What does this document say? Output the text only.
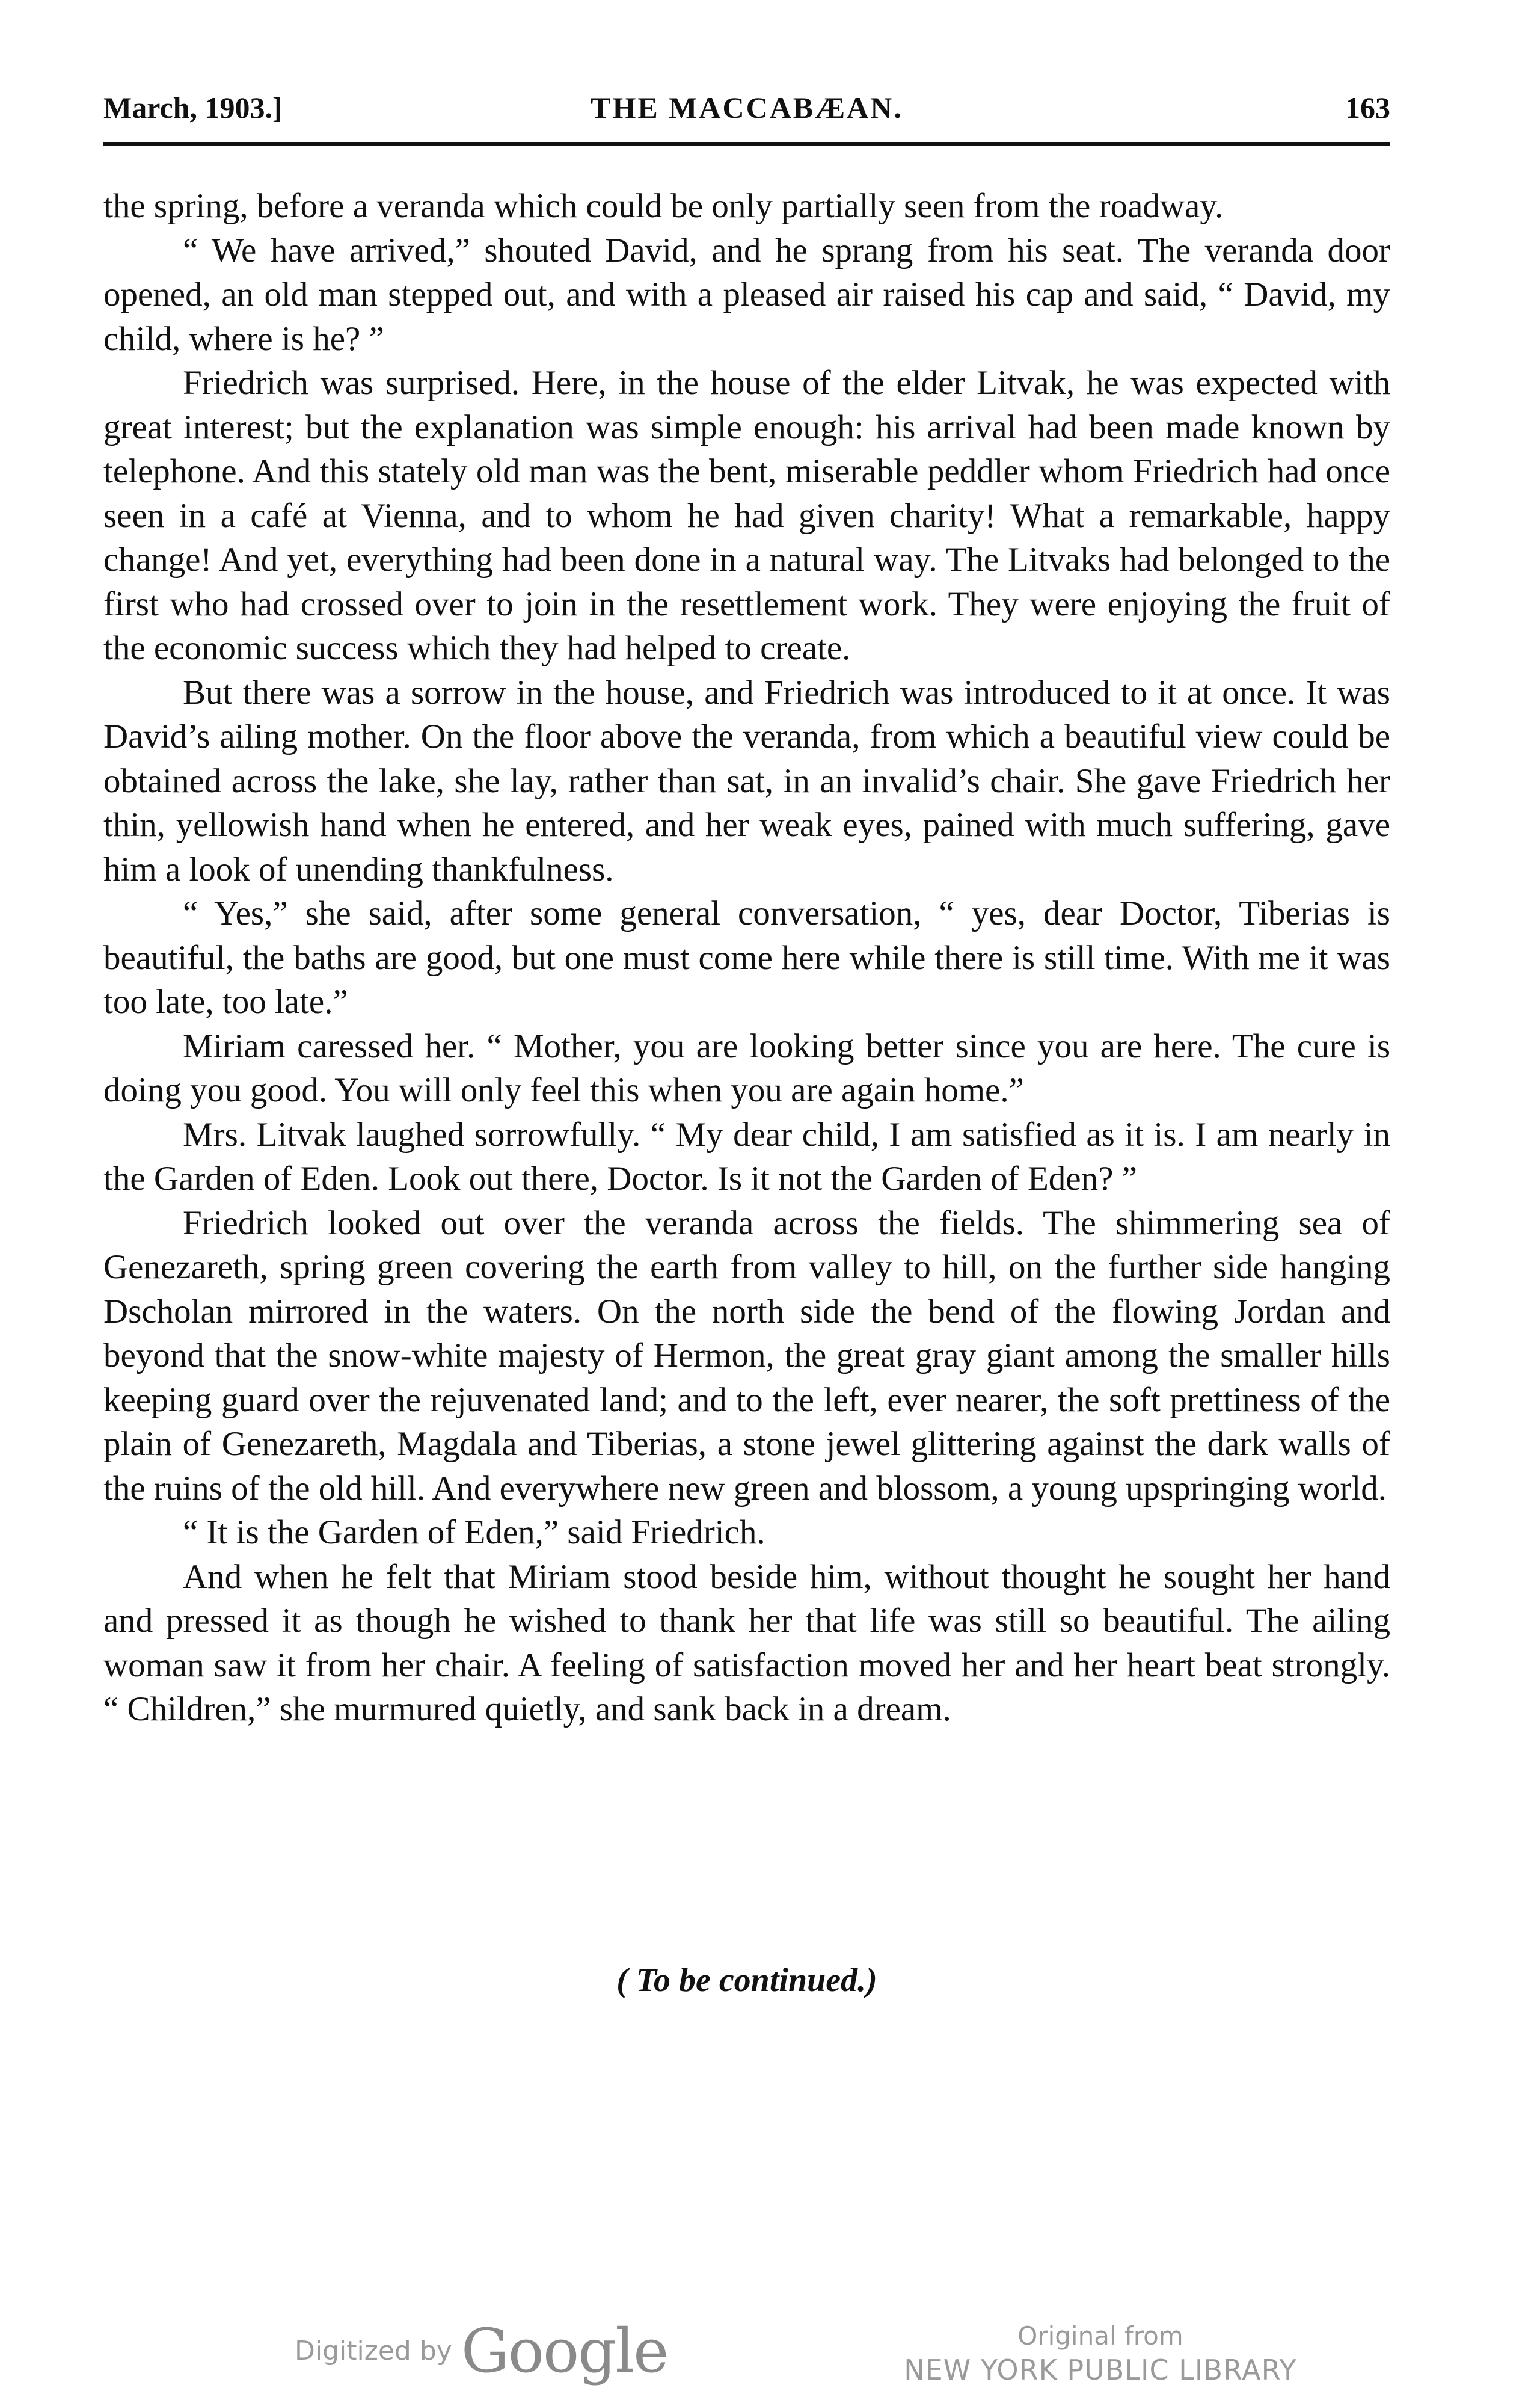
March, 1903.]	THE MACCABÆAN.	163

the spring, before a veranda which could be only partially seen from the roadway.

“ We have arrived,” shouted David, and he sprang from his seat. The veranda door opened, an old man stepped out, and with a pleased air raised his cap and said, “ David, my child, where is he? ”

Friedrich was surprised. Here, in the house of the elder Litvak, he was expected with great interest; but the explanation was simple enough: his arrival had been made known by telephone. And this stately old man was the bent, miserable peddler whom Friedrich had once seen in a café at Vienna, and to whom he had given charity! What a remarkable, happy change! And yet, everything had been done in a natural way. The Litvaks had belonged to the first who had crossed over to join in the resettlement work. They were enjoying the fruit of the economic success which they had helped to create.

But there was a sorrow in the house, and Friedrich was introduced to it at once. It was David’s ailing mother. On the floor above the veranda, from which a beautiful view could be obtained across the lake, she lay, rather than sat, in an invalid’s chair. She gave Friedrich her thin, yellowish hand when he entered, and her weak eyes, pained with much suffering, gave him a look of unending thankfulness.

“ Yes,” she said, after some general conversation, “ yes, dear Doctor, Tiberias is beautiful, the baths are good, but one must come here while there is still time. With me it was too late, too late.”

Miriam caressed her. “ Mother, you are looking better since you are here. The cure is doing you good. You will only feel this when you are again home.”

Mrs. Litvak laughed sorrowfully. “ My dear child, I am satisfied as it is. I am nearly in the Garden of Eden. Look out there, Doctor. Is it not the Garden of Eden? ”

Friedrich looked out over the veranda across the fields. The shimmering sea of Genezareth, spring green covering the earth from valley to hill, on the further side hanging Dscholan mirrored in the waters. On the north side the bend of the flowing Jordan and beyond that the snow-white majesty of Hermon, the great gray giant among the smaller hills keeping guard over the rejuvenated land; and to the left, ever nearer, the soft prettiness of the plain of Genezareth, Magdala and Tiberias, a stone jewel glittering against the dark walls of the ruins of the old hill. And everywhere new green and blossom, a young upspringing world.

“ It is the Garden of Eden,” said Friedrich.

And when he felt that Miriam stood beside him, without thought he sought her hand and pressed it as though he wished to thank her that life was still so beautiful. The ailing woman saw it from her chair. A feeling of satisfaction moved her and her heart beat strongly. “ Children,” she murmured quietly, and sank back in a dream.

( To be continued.)
Digitized by Google	Original from
NEW YORK PUBLIC LIBRARY
